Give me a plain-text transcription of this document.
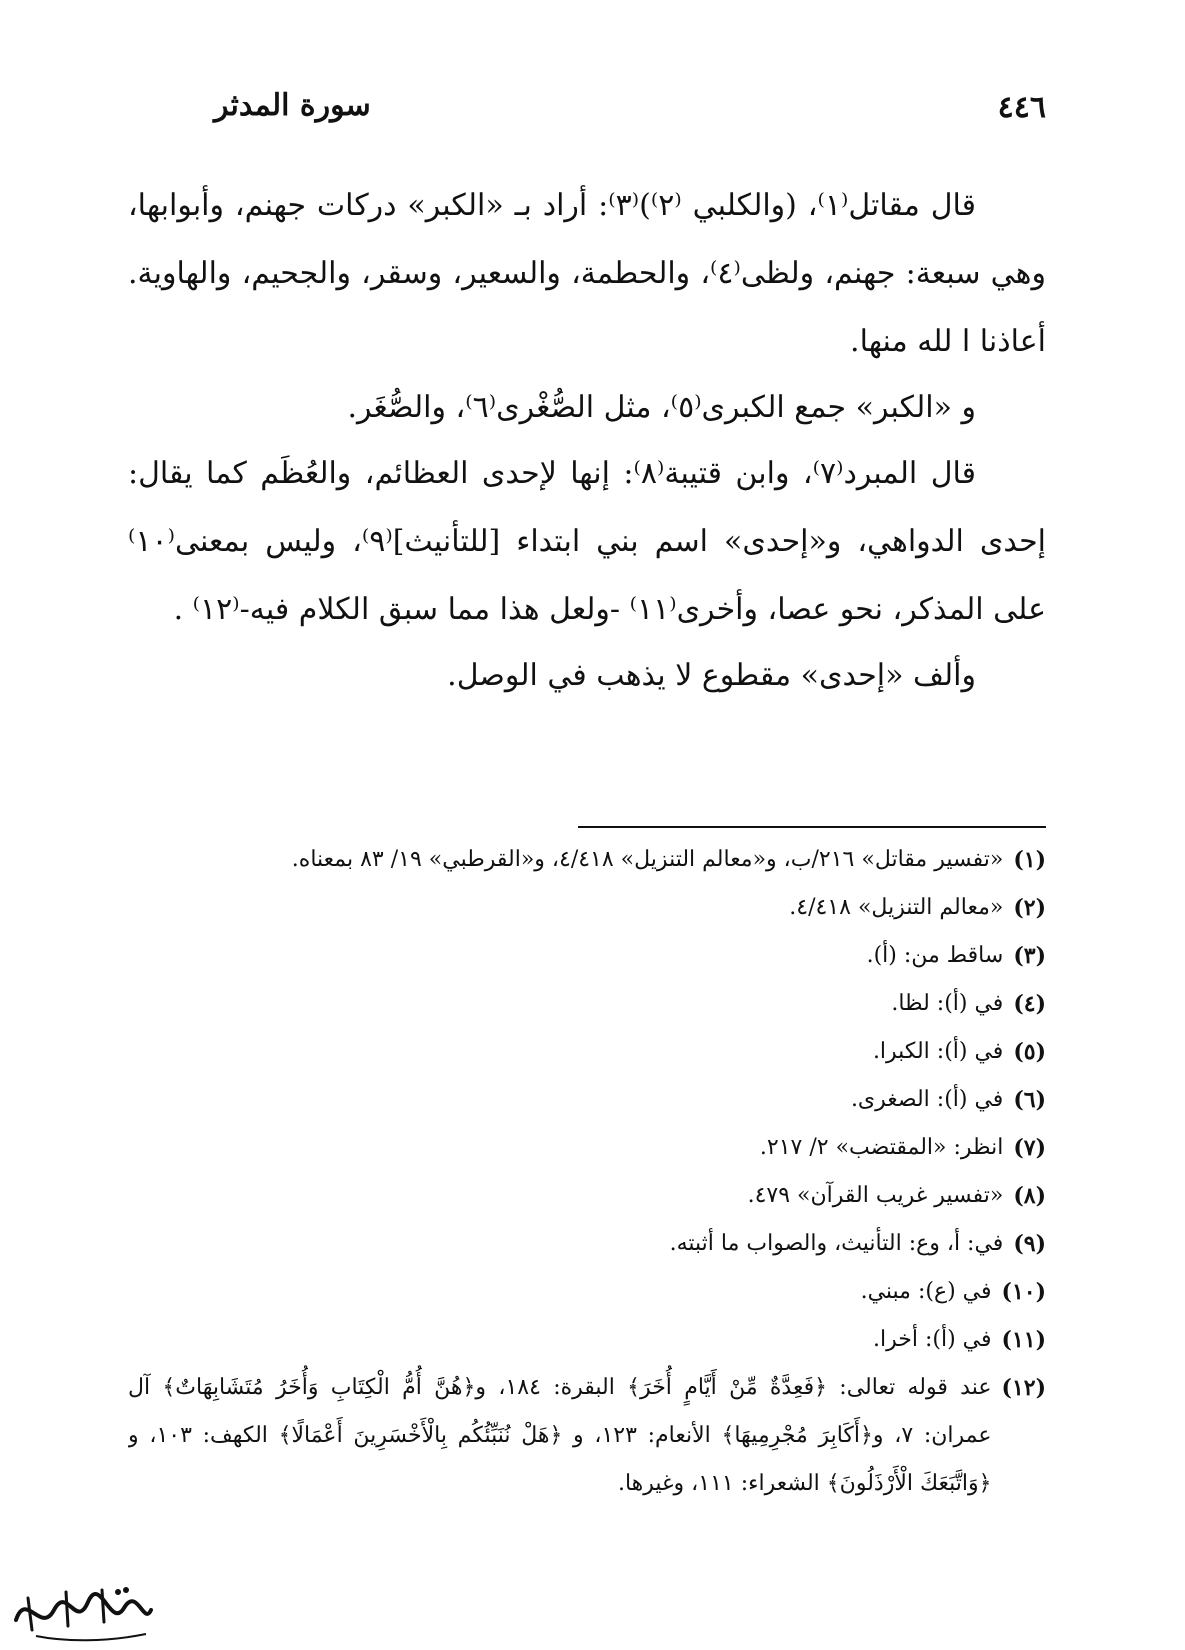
سورة المدثر	٤٤٦

قال مقاتل⁽١⁾، (والكلبي ⁽٢⁾)⁽٣⁾: أراد بـ «الكبر» دركات جهنم، وأبوابها، وهي سبعة: جهنم، ولظى⁽٤⁾، والحطمة، والسعير، وسقر، والجحيم، والهاوية. أعاذنا ا لله منها.

و «الكبر» جمع الكبرى⁽٥⁾، مثل الصُّغْرى⁽٦⁾، والصُّغَر.

قال المبرد⁽٧⁾، وابن قتيبة⁽٨⁾: إنها لإحدى العظائم، والعُظَم كما يقال: إحدى الدواهي، و«إحدى» اسم بني ابتداء [للتأنيث]⁽٩⁾، وليس بمعنى⁽١٠⁾ على المذكر، نحو عصا، وأخرى⁽١١⁾ -ولعل هذا مما سبق الكلام فيه-⁽١٢⁾ .

وألف «إحدى» مقطوع لا يذهب في الوصل.

(١)
«تفسير مقاتل» ٢١٦/ب، و«معالم التنزيل» ٤/٤١٨، و«القرطبي» ١٩/ ٨٣ بمعناه.
(٢)
«معالم التنزيل» ٤/٤١٨.
(٣)
ساقط من: (أ).
(٤)
في (أ): لظا.
(٥)
في (أ): الكبرا.
(٦)
في (أ): الصغرى.
(٧)
انظر: «المقتضب» ٢/ ٢١٧.
(٨)
«تفسير غريب القرآن» ٤٧٩.
(٩)
في: أ، وع: التأنيث، والصواب ما أثبته.
(١٠)
في (ع): مبني.
(١١)
في (أ): أخرا.
(١٢)
عند قوله تعالى: ﴿فَعِدَّةٌ مِّنْ أَيَّامٍ أُخَرَ﴾ البقرة: ١٨٤، و﴿هُنَّ أُمُّ الْكِتَابِ وَأُخَرُ مُتَشَابِهَاتٌ﴾ آل عمران: ٧، و﴿أَكَابِرَ مُجْرِمِيهَا﴾ الأنعام: ١٢٣، و ﴿هَلْ نُنَبِّئُكُم بِالْأَخْسَرِينَ أَعْمَالًا﴾ الكهف: ١٠٣، و ﴿وَاتَّبَعَكَ الْأَرْذَلُونَ﴾ الشعراء: ١١١، وغيرها.
